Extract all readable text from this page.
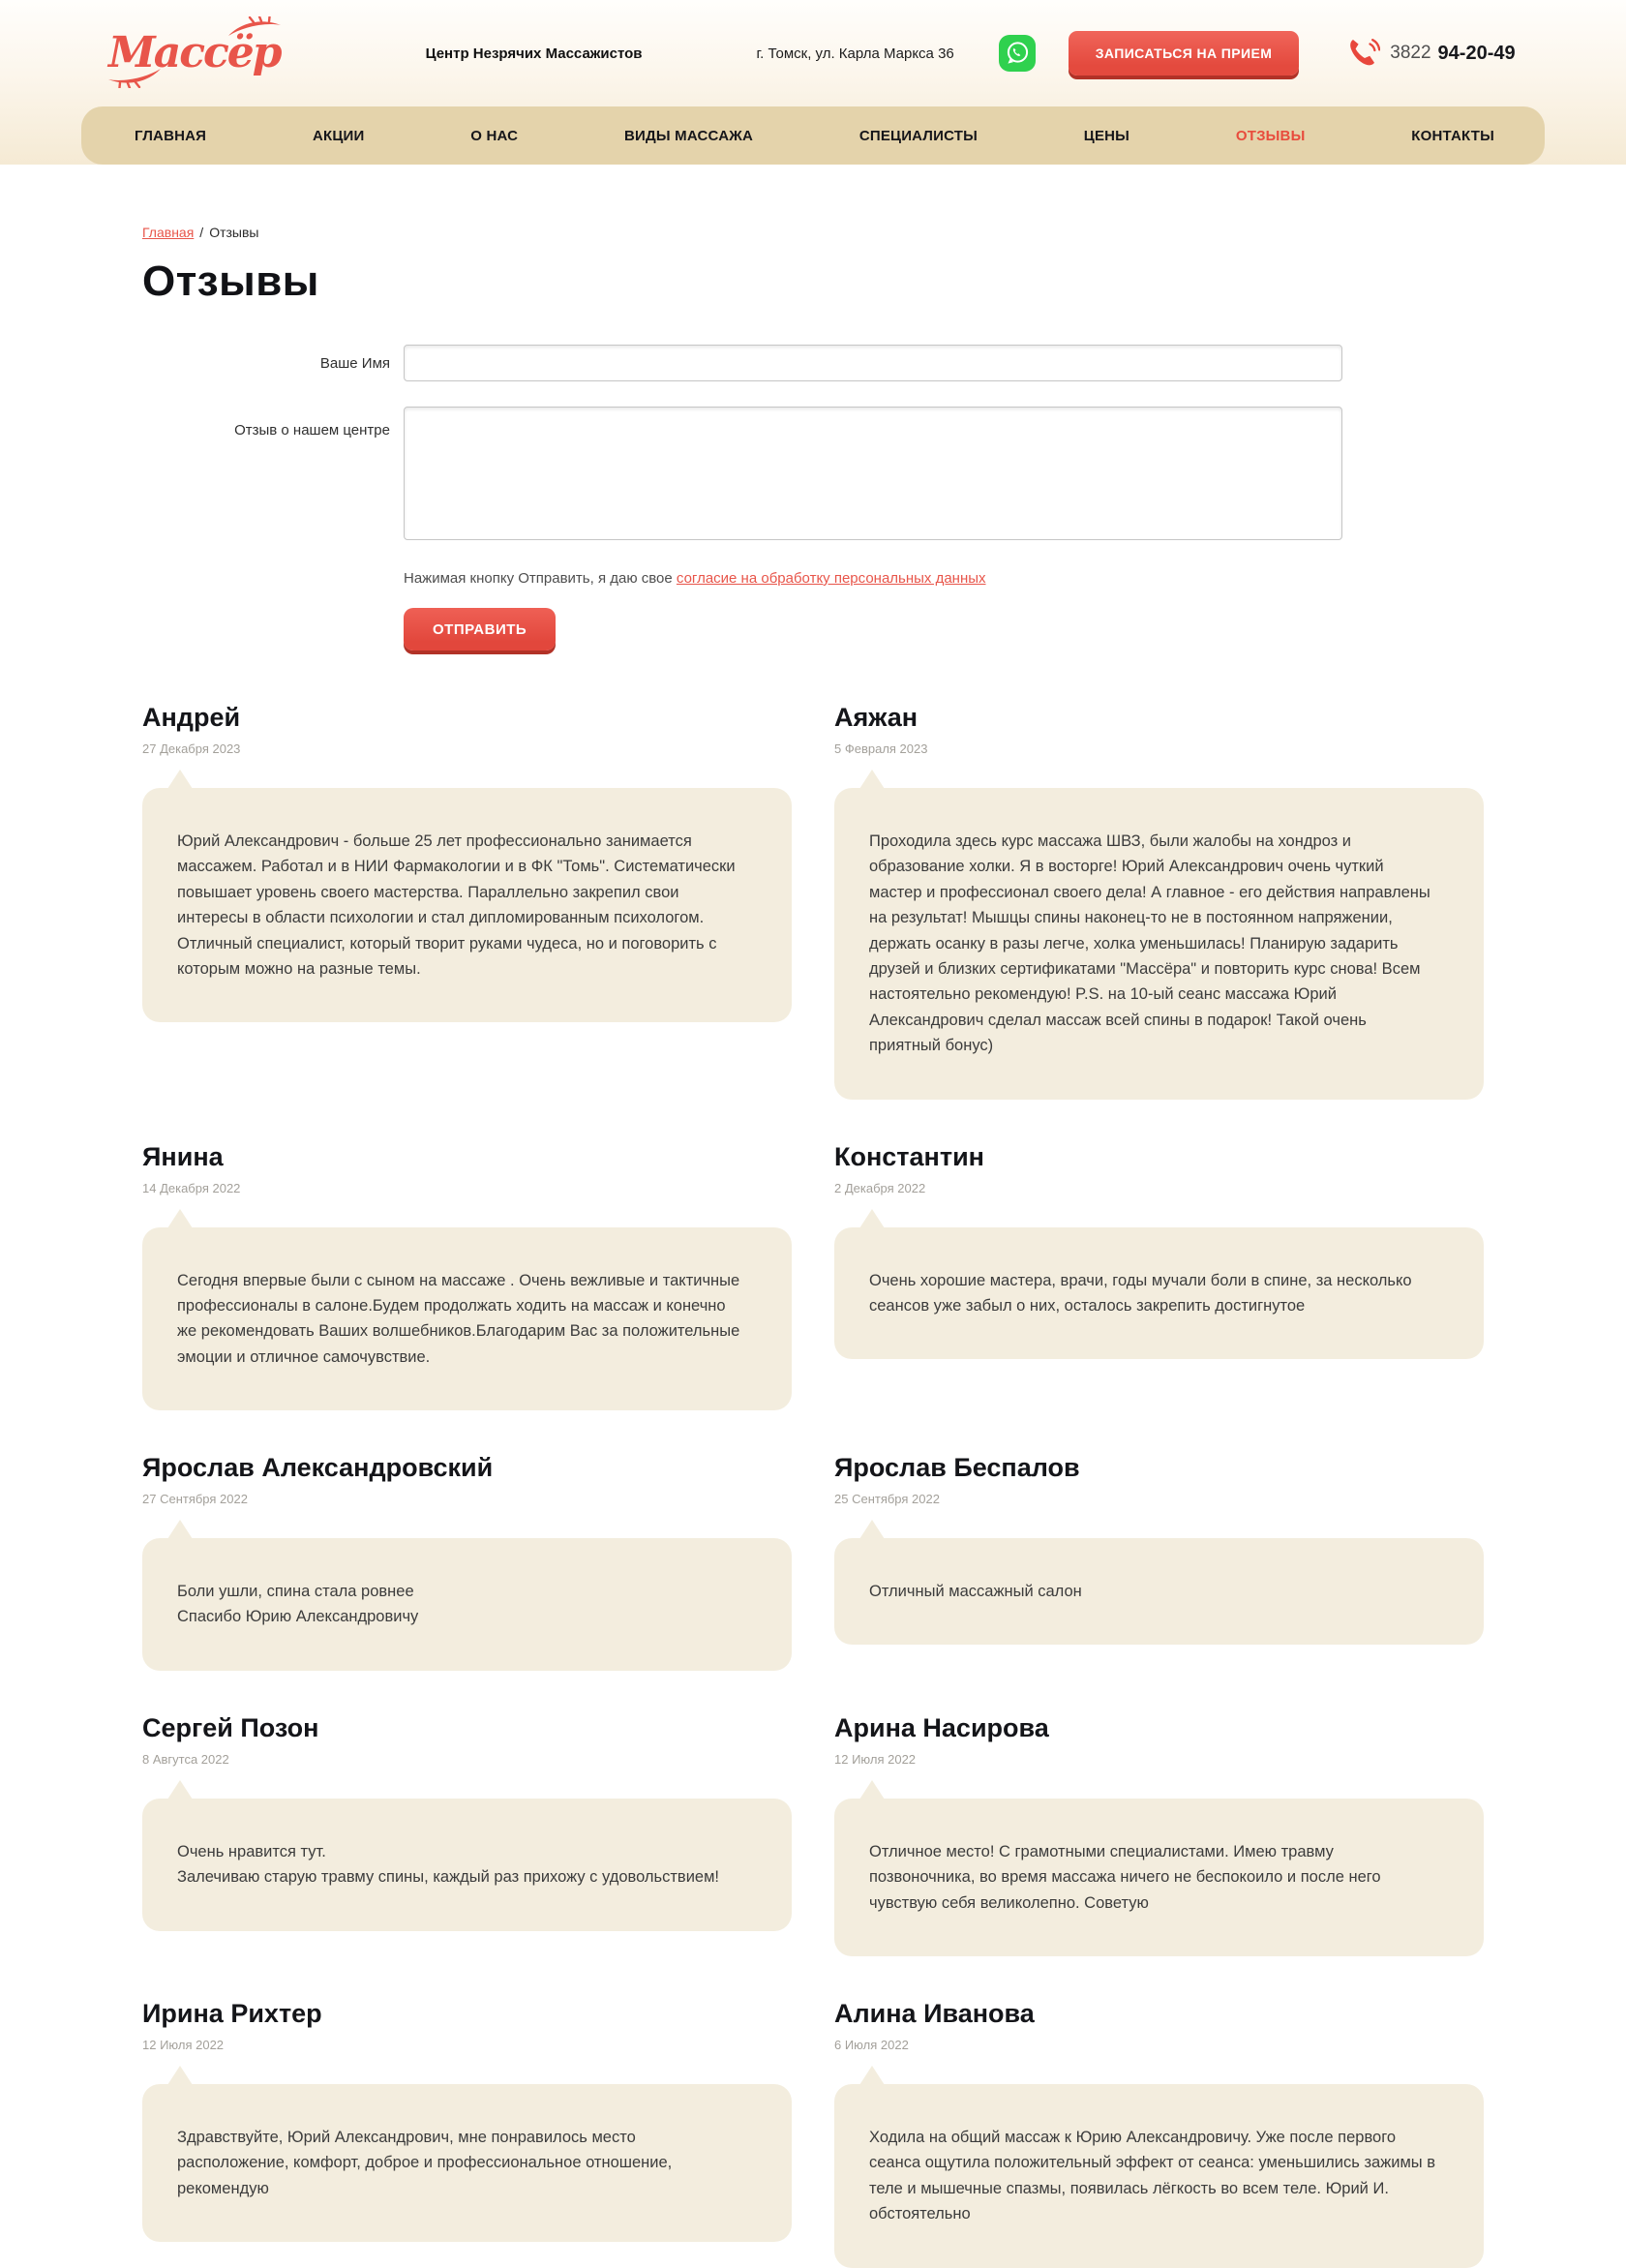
Массёр	Центр Незрячих Массажистов	г. Томск, ул. Карла Маркса 36	ЗАПИСАТЬСЯ НА ПРИЕМ	3822 94-20-49
ГЛАВНАЯ	АКЦИИ	О НАС	ВИДЫ МАССАЖА	СПЕЦИАЛИСТЫ	ЦЕНЫ	ОТЗЫВЫ	КОНТАКТЫ
Главная / Отзывы
Отзывы
Ваше Имя
Отзыв о нашем центре
Нажимая кнопку Отправить, я даю свое согласие на обработку персональных данных
ОТПРАВИТЬ
Андрей
27 Декабря 2023

Юрий Александрович - больше 25 лет профессионально занимается массажем. Работал и в НИИ Фармакологии и в ФК "Томь". Систематически повышает уровень своего мастерства. Параллельно закрепил свои интересы в области психологии и стал дипломированным психологом. Отличный специалист, который творит руками чудеса, но и поговорить с которым можно на разные темы.

Аяжан
5 Февраля 2023

Проходила здесь курс массажа ШВЗ, были жалобы на хондроз и образование холки. Я в восторге! Юрий Александрович очень чуткий мастер и профессионал своего дела! А главное - его действия направлены на результат! Мышцы спины наконец-то не в постоянном напряжении, держать осанку в разы легче, холка уменьшилась! Планирую задарить друзей и близких сертификатами "Массёра" и повторить курс снова! Всем настоятельно рекомендую! P.S. на 10-ый сеанс массажа Юрий Александрович сделал массаж всей спины в подарок! Такой очень приятный бонус)

Янина
14 Декабря 2022

Сегодня впервые были с сыном на массаже . Очень вежливые и тактичные профессионалы в салоне.Будем продолжать ходить на массаж и конечно же рекомендовать Ваших волшебников.Благодарим Вас за положительные эмоции и отличное самочувствие.

Константин
2 Декабря 2022

Очень хорошие мастера, врачи, годы мучали боли в спине, за несколько сеансов уже забыл о них, осталось закрепить достигнутое

Ярослав Александровский
27 Сентября 2022

Боли ушли, спина стала ровнее

Спасибо Юрию Александровичу

Ярослав Беспалов
25 Сентября 2022

Отличный массажный салон

Сергей Позон
8 Авгутса 2022

Очень нравится тут.

Залечиваю старую травму спины, каждый раз прихожу с удовольствием!

Арина Насирова
12 Июля 2022

Отличное место! С грамотными специалистами. Имею травму позвоночника, во время массажа ничего не беспокоило и после него чувствую себя великолепно. Советую

Ирина Рихтер
12 Июля 2022

Здравствуйте, Юрий Александрович, мне понравилось место расположение, комфорт, доброе и профессиональное отношение, рекомендую

Алина Иванова
6 Июля 2022

Ходила на общий массаж к Юрию Александровичу. Уже после первого сеанса ощутила положительный эффект от сеанса: уменьшились зажимы в теле и мышечные спазмы, появилась лёгкость во всем теле. Юрий И. обстоятельно
